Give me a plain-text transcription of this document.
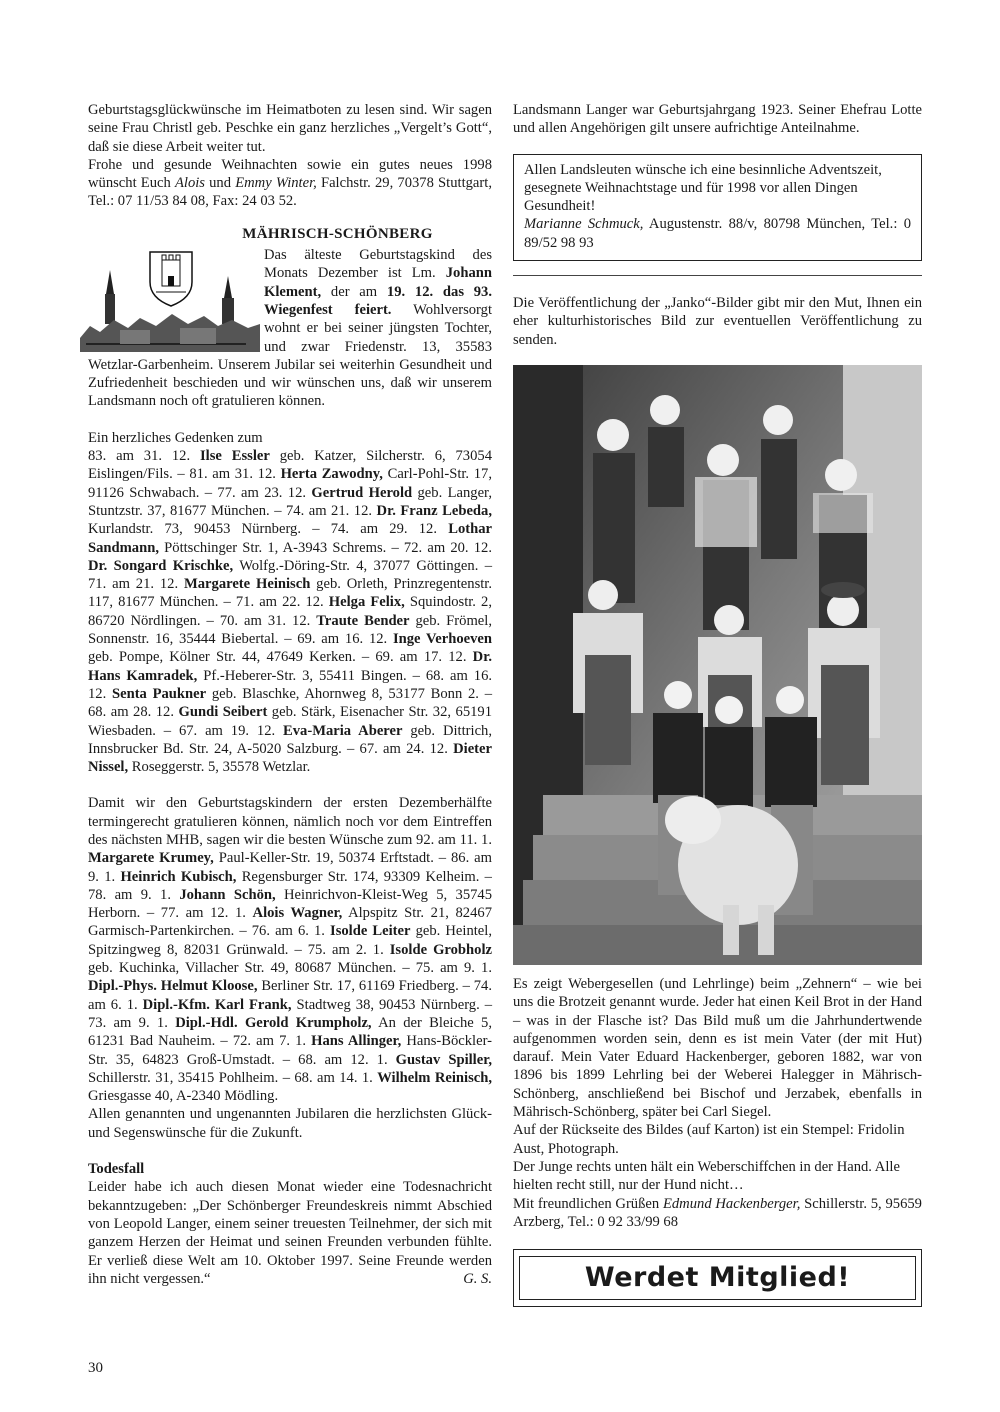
Geburtstagsglückwünsche im Heimatboten zu lesen sind. Wir sagen seine Frau Christl geb. Peschke ein ganz herzliches „Vergelt’s Gott“, daß sie diese Arbeit weiter tut.

Frohe und gesunde Weihnachten sowie ein gutes neues 1998 wünscht Euch Alois und Emmy Winter, Falchstr. 29, 70378 Stuttgart, Tel.: 07 11/53 84 08, Fax: 24 03 52.

MÄHRISCH-SCHÖNBERG

Das älteste Geburtstagskind des Monats Dezember ist Lm. Johann Klement, der am 19. 12. das 93. Wiegenfest feiert. Wohlversorgt wohnt er bei seiner jüngsten Tochter, und zwar Friedenstr. 13, 35583 Wetzlar-Garbenheim. Unserem Jubilar sei weiterhin Gesundheit und Zufriedenheit beschieden und wir wünschen uns, daß wir unserem Landsmann noch oft gratulieren können.

Ein herzliches Gedenken zum

83. am 31. 12. Ilse Essler geb. Katzer, Silcherstr. 6, 73054 Eislingen/Fils. – 81. am 31. 12. Herta Zawodny, Carl-Pohl-Str. 17, 91126 Schwabach. – 77. am 23. 12. Gertrud Herold geb. Langer, Stuntzstr. 37, 81677 München. – 74. am 21. 12. Dr. Franz Lebeda, Kurlandstr. 73, 90453 Nürnberg. – 74. am 29. 12. Lothar Sandmann, Pöttschinger Str. 1, A-3943 Schrems. – 72. am 20. 12. Dr. Songard Krischke, Wolfg.-Döring-Str. 4, 37077 Göttingen. – 71. am 21. 12. Margarete Heinisch geb. Orleth, Prinzregentenstr. 117, 81677 München. – 71. am 22. 12. Helga Felix, Squindostr. 2, 86720 Nördlingen. – 70. am 31. 12. Traute Bender geb. Frömel, Sonnenstr. 16, 35444 Biebertal. – 69. am 16. 12. Inge Verhoeven geb. Pompe, Kölner Str. 44, 47649 Kerken. – 69. am 17. 12. Dr. Hans Kamradek, Pf.-Heberer-Str. 3, 55411 Bingen. – 68. am 16. 12. Senta Paukner geb. Blaschke, Ahornweg 8, 53177 Bonn 2. – 68. am 28. 12. Gundi Seibert geb. Stärk, Eisenacher Str. 32, 65191 Wiesbaden. – 67. am 19. 12. Eva-Maria Aberer geb. Dittrich, Innsbrucker Bd. Str. 24, A-5020 Salzburg. – 67. am 24. 12. Dieter Nissel, Roseggerstr. 5, 35578 Wetzlar.

Damit wir den Geburtstagskindern der ersten Dezemberhälfte termingerecht gratulieren können, nämlich noch vor dem Eintreffen des nächsten MHB, sagen wir die besten Wünsche zum 92. am 11. 1. Margarete Krumey, Paul-Keller-Str. 19, 50374 Erftstadt. – 86. am 9. 1. Heinrich Kubisch, Regensburger Str. 174, 93309 Kelheim. – 78. am 9. 1. Johann Schön, Heinrichvon-Kleist-Weg 5, 35745 Herborn. – 77. am 12. 1. Alois Wagner, Alpspitz Str. 21, 82467 Garmisch-Partenkirchen. – 76. am 6. 1. Isolde Leiter geb. Heintel, Spitzingweg 8, 82031 Grünwald. – 75. am 2. 1. Isolde Grobholz geb. Kuchinka, Villacher Str. 49, 80687 München. – 75. am 9. 1. Dipl.-Phys. Helmut Kloose, Berliner Str. 17, 61169 Friedberg. – 74. am 6. 1. Dipl.-Kfm. Karl Frank, Stadtweg 38, 90453 Nürnberg. – 73. am 9. 1. Dipl.-Hdl. Gerold Krumpholz, An der Bleiche 5, 61231 Bad Nauheim. – 72. am 7. 1. Hans Allinger, Hans-Böckler-Str. 35, 64823 Groß-Umstadt. – 68. am 12. 1. Gustav Spiller, Schillerstr. 31, 35415 Pohlheim. – 68. am 14. 1. Wilhelm Reinisch, Griesgasse 40, A-2340 Mödling.

Allen genannten und ungenannten Jubilaren die herzlichsten Glück- und Segenswünsche für die Zukunft.

Todesfall

Leider habe ich auch diesen Monat wieder eine Todesnachricht bekanntzugeben: „Der Schönberger Freundeskreis nimmt Abschied von Leopold Langer, einem seiner treuesten Teilnehmer, der sich mit ganzem Herzen der Heimat und seinen Freunden verbunden fühlte. Er verließ diese Welt am 10. Oktober 1997. Seine Freunde werden ihn nicht vergessen.“	G. S.

Landsmann Langer war Geburtsjahrgang 1923. Seiner Ehefrau Lotte und allen Angehörigen gilt unsere aufrichtige Anteilnahme.

Allen Landsleuten wünsche ich eine besinnliche Adventszeit, gesegnete Weihnachtstage und für 1998 vor allen Dingen Gesundheit!

Marianne Schmuck, Augustenstr. 88/v, 80798 München, Tel.: 0 89/52 98 93

Die Veröffentlichung der „Janko“-Bilder gibt mir den Mut, Ihnen ein eher kulturhistorisches Bild zur eventuellen Veröffentlichung zu senden.

Es zeigt Webergesellen (und Lehrlinge) beim „Zehnern“ – wie bei uns die Brotzeit genannt wurde. Jeder hat einen Keil Brot in der Hand – was in der Flasche ist? Das Bild muß um die Jahrhundertwende aufgenommen worden sein, denn es ist mein Vater (der mit Hut) darauf. Mein Vater Eduard Hackenberger, geboren 1882, war von 1896 bis 1899 Lehrling bei der Weberei Halegger in Mährisch-Schönberg, anschließend bei Bischof und Jerzabek, ebenfalls in Mährisch-Schönberg, später bei Carl Siegel.

Auf der Rückseite des Bildes (auf Karton) ist ein Stempel: Fridolin Aust, Photograph.

Der Junge rechts unten hält ein Weberschiffchen in der Hand. Alle hielten recht still, nur der Hund nicht…

Mit freundlichen Grüßen Edmund Hackenberger, Schillerstr. 5, 95659 Arzberg, Tel.: 0 92 33/99 68

Werdet Mitglied!
30
